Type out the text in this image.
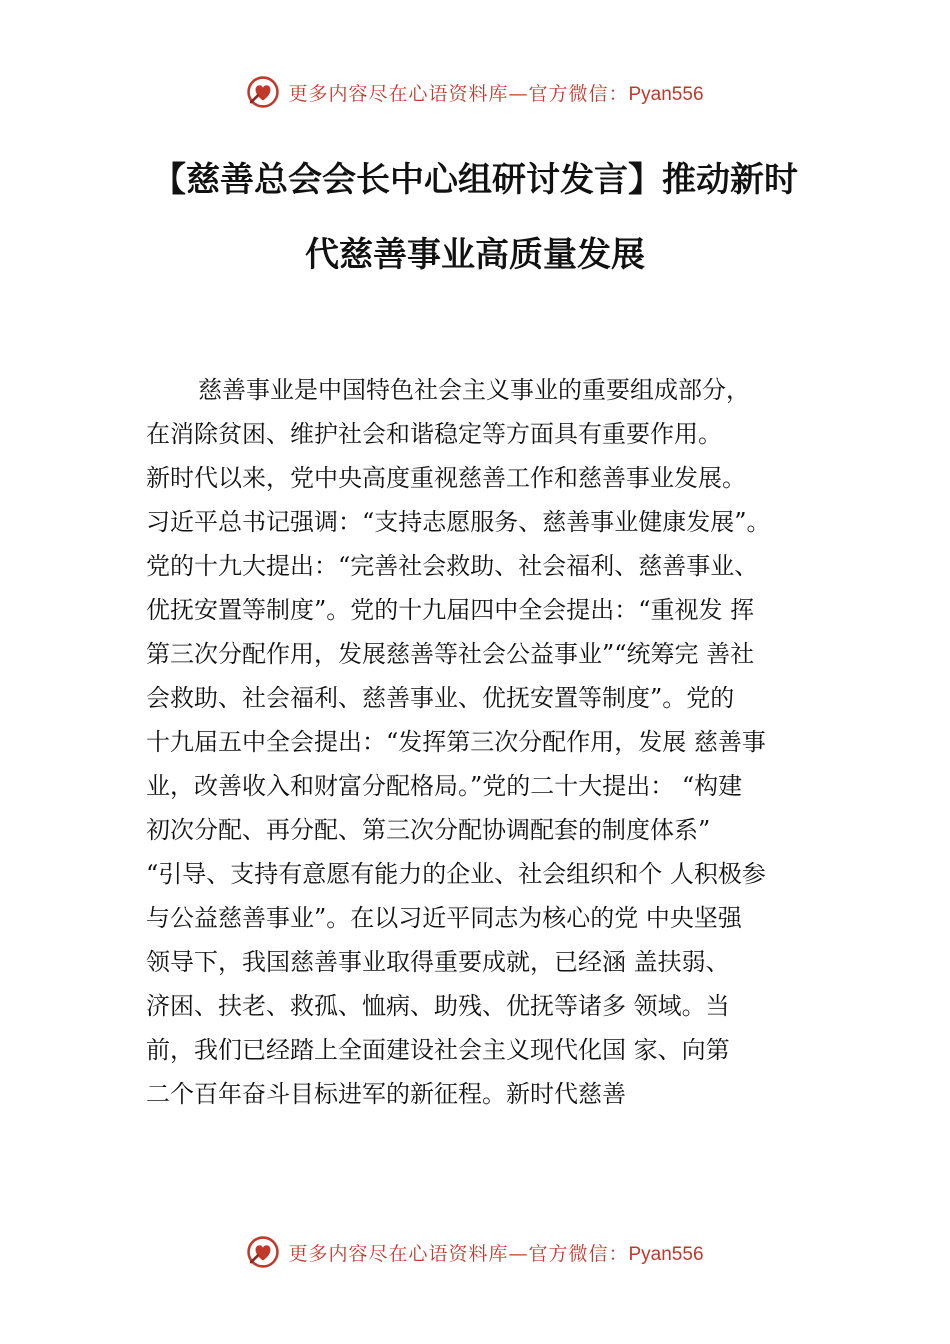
更多内容尽在心语资料库—官方微信：Pyan556
【慈善总会会长中心组研讨发言】推动新时
代慈善事业高质量发展
慈善事业是中国特色社会主义事业的重要组成部分，
在消除贫困、维护社会和谐稳定等方面具有重要作用。
新时代以来，党中央高度重视慈善工作和慈善事业发展。
习近平总书记强调：“支持志愿服务、慈善事业健康发展”。
党的十九大提出：“完善社会救助、社会福利、慈善事业、
优抚安置等制度”。党的十九届四中全会提出：“重视发 挥
第三次分配作用，发展慈善等社会公益事业”“统筹完 善社
会救助、社会福利、慈善事业、优抚安置等制度”。党的
十九届五中全会提出：“发挥第三次分配作用，发展 慈善事
业，改善收入和财富分配格局。”党的二十大提出： “构建
初次分配、再分配、第三次分配协调配套的制度体系”
“引导、支持有意愿有能力的企业、社会组织和个 人积极参
与公益慈善事业”。在以习近平同志为核心的党 中央坚强
领导下，我国慈善事业取得重要成就，已经涵 盖扶弱、
济困、扶老、救孤、恤病、助残、优抚等诸多 领域。当
前，我们已经踏上全面建设社会主义现代化国 家、向第
二个百年奋斗目标进军的新征程。新时代慈善
更多内容尽在心语资料库—官方微信：Pyan556
